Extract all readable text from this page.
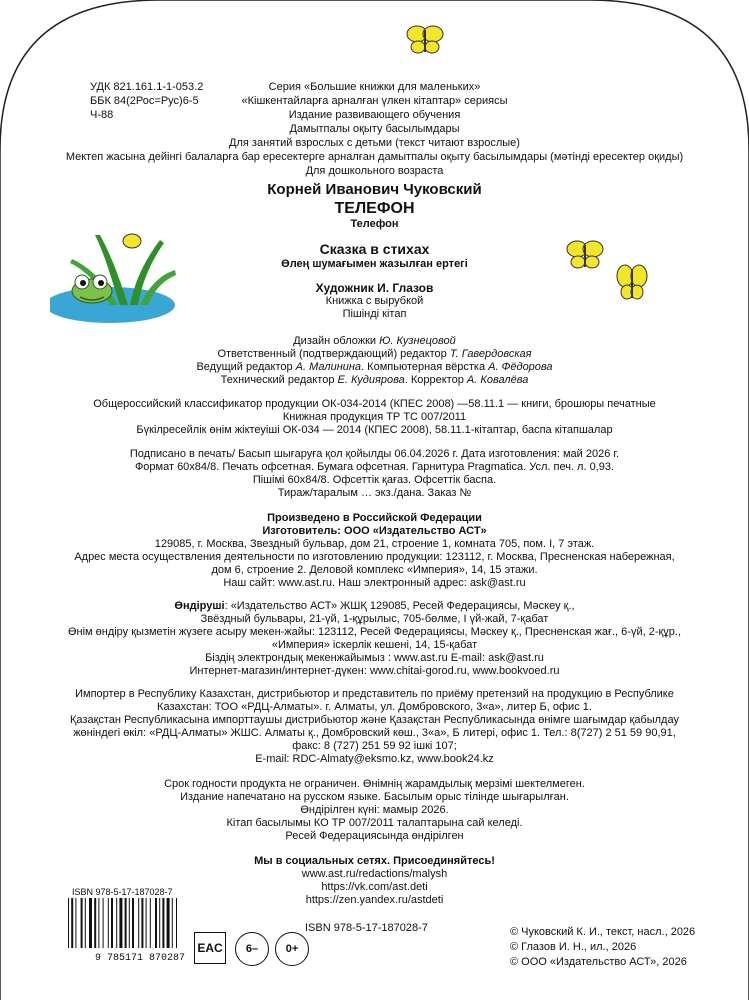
УДК 821.161.1-1-053.2
ББК 84(2Рос=Рус)6-5
Ч-88
Серия «Большие книжки для маленьких»
«Кішкентайларға арналған үлкен кітаптар» сериясы
Издание развивающего обучения
Дамытпалы оқыту басылымдары
Для занятий взрослых с детьми (текст читают взрослые)
Мектеп жасына дейінгі балаларға бар ересектерге арналған дамытпалы оқыту басылымдары (мәтінді ересектер оқиды)
Для дошкольного возраста
Корней Иванович Чуковский
ТЕЛЕФОН
Телефон
Сказка в стихах
Өлең шумағымен жазылған ертегі
Художник И. Глазов
Книжка с вырубкой
Пішінді кітап
Дизайн обложки Ю. Кузнецовой
Ответственный (подтверждающий) редактор Т. Гавердовская
Ведущий редактор А. Малинина. Компьютерная вёрстка А. Фёдорова
Технический редактор Е. Кудиярова. Корректор А. Ковалёва
Общероссийский классификатор продукции ОК-034-2014 (КПЕС 2008) —58.11.1 — книги, брошюры печатные
Книжная продукция ТР ТС 007/2011
Бүкілресейлік өнім жіктеуіші ОК-034 — 2014 (КПЕС 2008), 58.11.1-кітаптар, баспа кітапшалар
Подписано в печать/ Басып шығаруға қол қойылды 06.04.2026 г. Дата изготовления: май 2026 г.
Формат 60х84/8. Печать офсетная. Бумага офсетная. Гарнитура Pragmatica. Усл. печ. л. 0,93.
Пішімі 60х84/8. Офсеттік қағаз. Офсеттік баспа.
Тираж/таралым … экз./дана. Заказ №
Произведено в Российской Федерации
Изготовитель: ООО «Издательство АСТ»
129085, г. Москва, Звездный бульвар, дом 21, строение 1, комната 705, пом. I, 7 этаж.
Адрес места осуществления деятельности по изготовлению продукции: 123112, г. Москва, Пресненская набережная,
дом 6, строение 2. Деловой комплекс «Империя», 14, 15 этажи.
Наш сайт: www.ast.ru. Наш электронный адрес: ask@ast.ru
Өндіруші: «Издательство АСТ» ЖШҚ 129085, Ресей Федерациясы, Мәскеу қ.,
Звёздный бульвары, 21-үй, 1-құрылыс, 705-бөлме, I үй-жай, 7-қабат
Өнім өндіру қызметін жүзеге асыру мекен-жайы: 123112, Ресей Федерациясы, Мәскеу қ., Пресненская жағ., 6-үй, 2-құр.,
«Империя» іскерлік кешені, 14, 15-қабат
Біздің электрондық мекенжайымыз : www.ast.ru E-mail: ask@ast.ru
Интернет-магазин/интернет-дүкен: www.chitai-gorod.ru, www.bookvoed.ru
Импортер в Республику Казахстан, дистрибьютор и представитель по приёму претензий на продукцию в Республике
Казахстан: ТОО «РДЦ-Алматы». г. Алматы, ул. Домбровского, 3«а», литер Б, офис 1.
Қазақстан Республикасына импорттаушы дистрибьютор және Қазақстан Республикасында өнімге шағымдар қабылдау
жөніндегі өкіл: «РДЦ-Алматы» ЖШС. Алматы қ., Домбровский көш., 3«а», Б литері, офис 1. Тел.: 8(727) 2 51 59 90,91,
факс: 8 (727) 251 59 92 ішкі 107;
E-mail: RDC-Almaty@eksmo.kz, www.book24.kz
Срок годности продукта не ограничен. Өнімнің жарамдылық мерзімі шектелмеген.
Издание напечатано на русском языке. Басылым орыс тілінде шығарылған.
Өндірілген күні: мамыр 2026.
Кітап басылымы КО ТР 007/2011 талаптарына сай келеді.
Ресей Федерациясында өндірілген
Мы в социальных сетях. Присоединяйтесь!
www.ast.ru/redactions/malysh
https://vk.com/ast.deti
https://zen.yandex.ru/astdeti
ISBN 978-5-17-187028-7
9 785171 870287
ISBN 978-5-17-187028-7
EAC	6–	0+
© Чуковский К. И., текст, насл., 2026
© Глазов И. Н., ил., 2026
© ООО «Издательство АСТ», 2026
